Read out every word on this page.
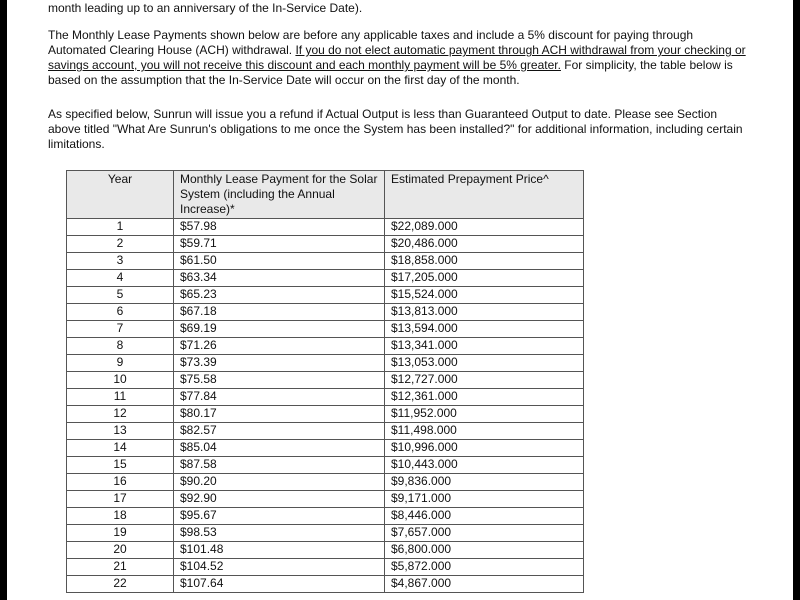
month leading up to an anniversary of the In-Service Date).

The Monthly Lease Payments shown below are before any applicable taxes and include a 5% discount for paying through Automated Clearing House (ACH) withdrawal. If you do not elect automatic payment through ACH withdrawal from your checking or savings account, you will not receive this discount and each monthly payment will be 5% greater. For simplicity, the table below is based on the assumption that the In-Service Date will occur on the first day of the month.

As specified below, Sunrun will issue you a refund if Actual Output is less than Guaranteed Output to date. Please see Section above titled "What Are Sunrun's obligations to me once the System has been installed?" for additional information, including certain limitations.

Year	Monthly Lease Payment for the Solar System (including the Annual Increase)*	Estimated Prepayment Price^
1	$57.98	$22,089.000
2	$59.71	$20,486.000
3	$61.50	$18,858.000
4	$63.34	$17,205.000
5	$65.23	$15,524.000
6	$67.18	$13,813.000
7	$69.19	$13,594.000
8	$71.26	$13,341.000
9	$73.39	$13,053.000
10	$75.58	$12,727.000
11	$77.84	$12,361.000
12	$80.17	$11,952.000
13	$82.57	$11,498.000
14	$85.04	$10,996.000
15	$87.58	$10,443.000
16	$90.20	$9,836.000
17	$92.90	$9,171.000
18	$95.67	$8,446.000
19	$98.53	$7,657.000
20	$101.48	$6,800.000
21	$104.52	$5,872.000
22	$107.64	$4,867.000
